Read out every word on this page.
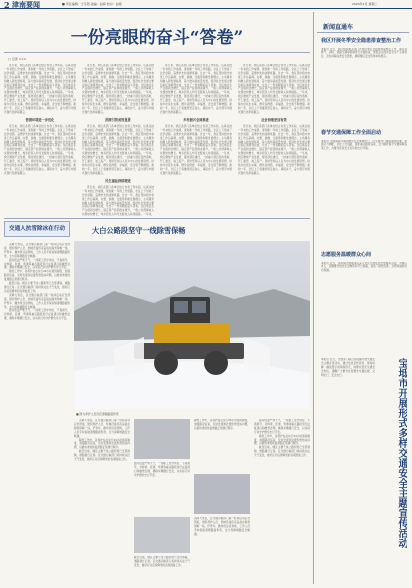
2 津南要闻	■ 责任编辑：王冬阳 美编：赵海 校对：赵艳	2024年1月 星期二
一份亮眼的奋斗“答卷”
□ 记者 ×××

连日来，我区各部门各单位结合自身工作实际，认真总结一年来的工作成绩，谋划新一年的工作思路，全区上下形成了比学赶超、奋勇争先的浓厚氛围。过去一年，我区坚持稳中求进工作总基调，完整、准确、全面贯彻新发展理念，主动服务和融入新发展格局，着力推动高质量发展，经济社会发展主要目标任务顺利完成，交出了一份亮眼的奋斗答卷。全区地区生产总值同比增长，固定资产投资稳步提升，一般公共预算收入实现较快增长，城乡居民人均可支配收入持续提高。一年来，我区聚焦产业发展，强化项目建设，一批重大项目签约落地、开工建设、竣工投产。同时坚持以人民为中心的发展思想，持续办好民生实事，群众获得感、幸福感、安全感不断增强。新的一年，全区上下将继续坚定信心、真抓实干，奋力谱写中国式现代化津南篇章。

营商环境进一步优化

连日来，我区各部门各单位结合自身工作实际，认真总结一年来的工作成绩，谋划新一年的工作思路，全区上下形成了比学赶超、奋勇争先的浓厚氛围。过去一年，我区坚持稳中求进工作总基调，完整、准确、全面贯彻新发展理念，主动服务和融入新发展格局，着力推动高质量发展，经济社会发展主要目标任务顺利完成，交出了一份亮眼的奋斗答卷。全区地区生产总值同比增长，固定资产投资稳步提升，一般公共预算收入实现较快增长，城乡居民人均可支配收入持续提高。一年来，我区聚焦产业发展，强化项目建设，一批重大项目签约落地、开工建设、竣工投产。同时坚持以人民为中心的发展思想，持续办好民生实事，群众获得感、幸福感、安全感不断增强。新的一年，全区上下将继续坚定信心、真抓实干，奋力谱写中国式现代化津南篇章。

连日来，我区各部门各单位结合自身工作实际，认真总结一年来的工作成绩，谋划新一年的工作思路，全区上下形成了比学赶超、奋勇争先的浓厚氛围。过去一年，我区坚持稳中求进工作总基调，完整、准确、全面贯彻新发展理念，主动服务和融入新发展格局，着力推动高质量发展，经济社会发展主要目标任务顺利完成，交出了一份亮眼的奋斗答卷。全区地区生产总值同比增长，固定资产投资稳步提升，一般公共预算收入实现较快增长，城乡居民人均可支配收入持续提高。一年来，我区聚焦产业发展，强化项目建设，一批重大项目签约落地、开工建设、竣工投产。同时坚持以人民为中心的发展思想，持续办好民生实事，群众获得感、幸福感、安全感不断增强。新的一年，全区上下将继续坚定信心、真抓实干，奋力谱写中国式现代化津南篇章。

招商引资成效显著

连日来，我区各部门各单位结合自身工作实际，认真总结一年来的工作成绩，谋划新一年的工作思路，全区上下形成了比学赶超、奋勇争先的浓厚氛围。过去一年，我区坚持稳中求进工作总基调，完整、准确、全面贯彻新发展理念，主动服务和融入新发展格局，着力推动高质量发展，经济社会发展主要目标任务顺利完成，交出了一份亮眼的奋斗答卷。全区地区生产总值同比增长，固定资产投资稳步提升，一般公共预算收入实现较快增长，城乡居民人均可支配收入持续提高。一年来，我区聚焦产业发展，强化项目建设，一批重大项目签约落地、开工建设、竣工投产。同时坚持以人民为中心的发展思想，持续办好民生实事，群众获得感、幸福感、安全感不断增强。新的一年，全区上下将继续坚定信心、真抓实干，奋力谱写中国式现代化津南篇章。

民生福祉持续增进

连日来，我区各部门各单位结合自身工作实际，认真总结一年来的工作成绩，谋划新一年的工作思路，全区上下形成了比学赶超、奋勇争先的浓厚氛围。过去一年，我区坚持稳中求进工作总基调，完整、准确、全面贯彻新发展理念，主动服务和融入新发展格局，着力推动高质量发展，经济社会发展主要目标任务顺利完成，交出了一份亮眼的奋斗答卷。全区地区生产总值同比增长，固定资产投资稳步提升，一般公共预算收入实现较快增长，城乡居民人均可支配收入持续提高。一年来，

连日来，我区各部门各单位结合自身工作实际，认真总结一年来的工作成绩，谋划新一年的工作思路，全区上下形成了比学赶超、奋勇争先的浓厚氛围。过去一年，我区坚持稳中求进工作总基调，完整、准确、全面贯彻新发展理念，主动服务和融入新发展格局，着力推动高质量发展，经济社会发展主要目标任务顺利完成，交出了一份亮眼的奋斗答卷。全区地区生产总值同比增长，固定资产投资稳步提升，一般公共预算收入实现较快增长，城乡居民人均可支配收入持续提高。一年来，我区聚焦产业发展，强化项目建设，一批重大项目签约落地、开工建设、竣工投产。同时坚持以人民为中心的发展思想，持续办好民生实事，群众获得感、幸福感、安全感不断增强。新的一年，全区上下将继续坚定信心、真抓实干，奋力谱写中国式现代化津南篇章。

乡村振兴全面推进

连日来，我区各部门各单位结合自身工作实际，认真总结一年来的工作成绩，谋划新一年的工作思路，全区上下形成了比学赶超、奋勇争先的浓厚氛围。过去一年，我区坚持稳中求进工作总基调，完整、准确、全面贯彻新发展理念，主动服务和融入新发展格局，着力推动高质量发展，经济社会发展主要目标任务顺利完成，交出了一份亮眼的奋斗答卷。全区地区生产总值同比增长，固定资产投资稳步提升，一般公共预算收入实现较快增长，城乡居民人均可支配收入持续提高。一年来，我区聚焦产业发展，强化项目建设，一批重大项目签约落地、开工建设、竣工投产。同时坚持以人民为中心的发展思想，持续办好民生实事，群众获得感、幸福感、安全感不断增强。新的一年，全区上下将继续坚定信心、真抓实干，奋力谱写中国式现代化津南篇章。

连日来，我区各部门各单位结合自身工作实际，认真总结一年来的工作成绩，谋划新一年的工作思路，全区上下形成了比学赶超、奋勇争先的浓厚氛围。过去一年，我区坚持稳中求进工作总基调，完整、准确、全面贯彻新发展理念，主动服务和融入新发展格局，着力推动高质量发展，经济社会发展主要目标任务顺利完成，交出了一份亮眼的奋斗答卷。全区地区生产总值同比增长，固定资产投资稳步提升，一般公共预算收入实现较快增长，城乡居民人均可支配收入持续提高。一年来，我区聚焦产业发展，强化项目建设，一批重大项目签约落地、开工建设、竣工投产。同时坚持以人民为中心的发展思想，持续办好民生实事，群众获得感、幸福感、安全感不断增强。新的一年，全区上下将继续坚定信心、真抓实干，奋力谱写中国式现代化津南篇章。

社会治理更加有效

连日来，我区各部门各单位结合自身工作实际，认真总结一年来的工作成绩，谋划新一年的工作思路，全区上下形成了比学赶超、奋勇争先的浓厚氛围。过去一年，我区坚持稳中求进工作总基调，完整、准确、全面贯彻新发展理念，主动服务和融入新发展格局，着力推动高质量发展，经济社会发展主要目标任务顺利完成，交出了一份亮眼的奋斗答卷。全区地区生产总值同比增长，固定资产投资稳步提升，一般公共预算收入实现较快增长，城乡居民人均可支配收入持续提高。一年来，我区聚焦产业发展，强化项目建设，一批重大项目签约落地、开工建设、竣工投产。同时坚持以人民为中心的发展思想，持续办好民生实事，群众获得感、幸福感、安全感不断增强。新的一年，全区上下将继续坚定信心、真抓实干，奋力谱写中国式现代化津南篇章。

新闻直通车
我区开展冬季安全隐患排查整治工作
本报讯 近日，我区组织相关部门开展冬季安全隐患排查整治工作，重点对燃气、消防、道路交通等领域进行全面检查，督促企业落实安全生产主体责任，及时消除各类安全隐患，确保辖区安全形势持续稳定。
春节交通保障工作全面启动
本报讯 为保障春节期间群众安全便捷出行，区交通部门提前谋划部署，加强运力调配，优化公交线路，强化重点路段巡查，全力做好春节交通保障各项工作，为群众营造安全有序的出行环境。
志愿服务温暖群众心间
本报讯 近日，各街镇志愿服务队深入社区开展系列志愿服务活动，为辖区老人、困难群众送去生活物资和节日祝福，营造了团结互助、文明和谐的社会氛围。
本报讯 近日，交警部门联合各街镇开展交通安全主题宣传活动，通过发放宣传资料、现场讲解、播放警示视频等形式，向群众普及交通安全知识，提醒广大群众自觉遵守交通法规，文明出行，安全出行。	宝坻市开展形式多样交通安全主题宣传活动
交通人抗雪除冰在行动	大白公路段坚守一线除雪保畅
■ 图为养护人员连夜清除路面积雪

突降大雪后，区交通运输部门第一时间启动应急预案，组织养护人员、机械设备连夜奋战在除雪保畅一线。铲雪车、撒布机往返穿梭，工作人员手持铁锹清理路面积雪，全力保障道路安全畅通。

面对低温严寒天气，一线职工坚守岗位、不畏艰辛，对桥梁、匝道、弯道等重点路段进行反复清扫和融雪处理，确保车辆通行安全，以实际行动守护群众出行平安。

除雪工作中，各养护站点实行24小时值班制度，加强路况巡查，及时发现和处置积雪结冰问题，以最快速度恢复道路正常通行秩序。

截至目前，辖区主要干线公路积雪已全部清除，道路通行正常。区交通运输部门将持续关注天气变化，做好应对后续降雪的各项准备工作。

突降大雪后，区交通运输部门第一时间启动应急预案，组织养护人员、机械设备连夜奋战在除雪保畅一线。铲雪车、撒布机往返穿梭，工作人员手持铁锹清理路面积雪，全力保障道路安全畅通。

面对低温严寒天气，一线职工坚守岗位、不畏艰辛，对桥梁、匝道、弯道等重点路段进行反复清扫和融雪处理，确保车辆通行安全，以实际行动守护群众出行平安。

突降大雪后，区交通运输部门第一时间启动应急预案，组织养护人员、机械设备连夜奋战在除雪保畅一线。铲雪车、撒布机往返穿梭，工作人员手持铁锹清理路面积雪，全力保障道路安全畅通。

除雪工作中，各养护站点实行24小时值班制度，加强路况巡查，及时发现和处置积雪结冰问题，以最快速度恢复道路正常通行秩序。

截至目前，辖区主要干线公路积雪已全部清除，道路通行正常。区交通运输部门将持续关注天气变化，做好应对后续降雪的各项准备工作。

面对低温严寒天气，一线职工坚守岗位、不畏艰辛，对桥梁、匝道、弯道等重点路段进行反复清扫和融雪处理，确保车辆通行安全，以实际行动守护群众出行平安。
截至目前，辖区主要干线公路积雪已全部清除，道路通行正常。区交通运输部门将持续关注天气变化，做好应对后续降雪的各项准备工作。
除雪工作中，各养护站点实行24小时值班制度，加强路况巡查，及时发现和处置积雪结冰问题，以最快速度恢复道路正常通行秩序。
突降大雪后，区交通运输部门第一时间启动应急预案，组织养护人员、机械设备连夜奋战在除雪保畅一线。铲雪车、撒布机往返穿梭，工作人员手持铁锹清理路面积雪，全力保障道路安全畅通。

面对低温严寒天气，一线职工坚守岗位、不畏艰辛，对桥梁、匝道、弯道等重点路段进行反复清扫和融雪处理，确保车辆通行安全，以实际行动守护群众出行平安。

除雪工作中，各养护站点实行24小时值班制度，加强路况巡查，及时发现和处置积雪结冰问题，以最快速度恢复道路正常通行秩序。

截至目前，辖区主要干线公路积雪已全部清除，道路通行正常。区交通运输部门将持续关注天气变化，做好应对后续降雪的各项准备工作。
